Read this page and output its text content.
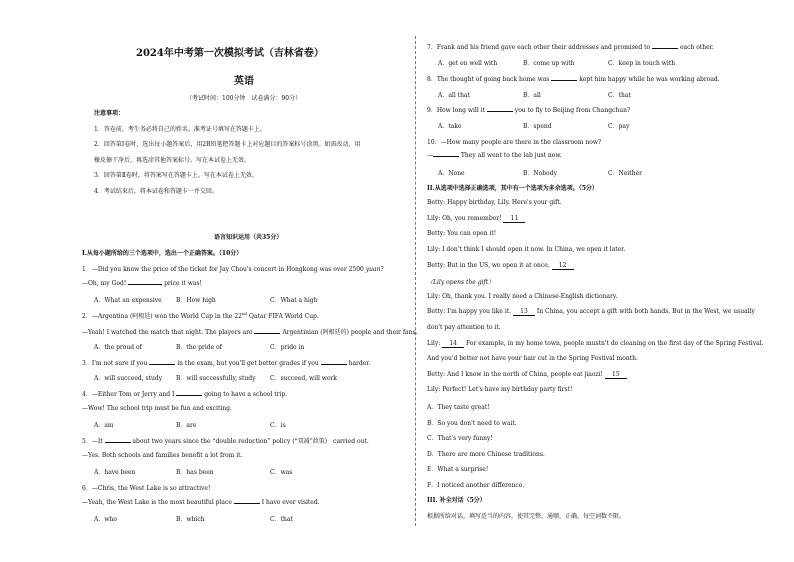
2024年中考第一次模拟考试（吉林省卷）
英语
（考试时间：100分钟　试卷满分：90分）
注意事项：
1．答卷前，考生务必将自己的姓名、准考证号填写在答题卡上。
2．回答第Ⅰ卷时，选出每小题答案后，用2B铅笔把答题卡上对应题目的答案标号涂黑。如需改动，用
橡皮擦干净后，再选涂其他答案标号。写在本试卷上无效。
3．回答第Ⅱ卷时，将答案写在答题卡上。写在本试卷上无效。
4．考试结束后，将本试卷和答题卡一并交回。
语言知识运用（共35分）
Ⅰ.从每小题所给的三个选项中，选出一个正确答案。（10分）
1．—Did you know the price of the ticket for Jay Chou's concert in Hongkong was over 2500 yuan?
—Oh, my God!	price it was!
A．What an expensive B．How high	C．What a high
2．—Argentina (阿根廷) won the World Cup in the 22nd Qatar FIFA World Cup.
—Yeah! I watched the match that night. The players are	Argentinian (阿根廷的) people and their fans.
A．the proud of	B．the pride of	C．pride in
3．I'm not sure if you	in the exam, but you'll get better grades if you	harder.
A．will succeed, study B．will successfully, study C．succeed, will work
4．—Either Tom or Jerry and I	going to have a school trip.
—Wow! The school trip must be fun and exciting.
A．am	B．are	C．is
5．—It	about two years since the “double reduction” policy (“双减”政策)　carried out.
—Yes. Both schools and families benefit a lot from it.
A．have been	B．has been	C．was
6．—Chris, the West Lake is so attractive!
—Yeah, the West Lake is the most beautiful place	I have ever visited.
A．who	B．which	C．that
7．Frank and his friend gave each other their addresses and promised to	each other.
A．get on well with	B．come up with	C．keep in touch with
8．The thought of going back home was	kept him happy while he was working abroad.
A．all that	B．all	C．that
9．How long will it	you to fly to Beijing from Changchun?
A．take	B．spend	C．pay
10．—How many people are there in the classroom now?
—	They all went to the lab just now.
A．None	B．Nobody	C．Neither
II.从选项中选择正确选项，其中有一个选项为多余选项。（5分）
Betty: Happy birthday, Lily. Here's your gift.
Lily: Oh, you remember! 11
Betty: You can open it!
Lily: I don't think I should open it now. In China, we open it later.
Betty: But in the US, we open it at once. 12
（Lily opens the gift）
Lily: Oh, thank you. I really need a Chinese-English dictionary.
Betty: I'm happy you like it. 13 In China, you accept a gift with both hands. But in the West, we usually
don't pay attention to it.
Lily: 14 For example, in my home town, people mustn't do cleaning on the first day of the Spring Festival.
And you'd better not have your hair cut in the Spring Festival month.
Betty: And I know in the north of China, people eat jiaozi! 15
Lily: Perfect! Let's have my birthday party first!
A．They taste great!
B．So you don't need to wait.
C．That's very funny!
D．There are more Chinese traditions.
E．What a surprise!
F．I noticed another difference.
III. 补全对话（5分）
根据所给对话，填写适当的内容，使其完整、通顺、正确，每空词数不限。
